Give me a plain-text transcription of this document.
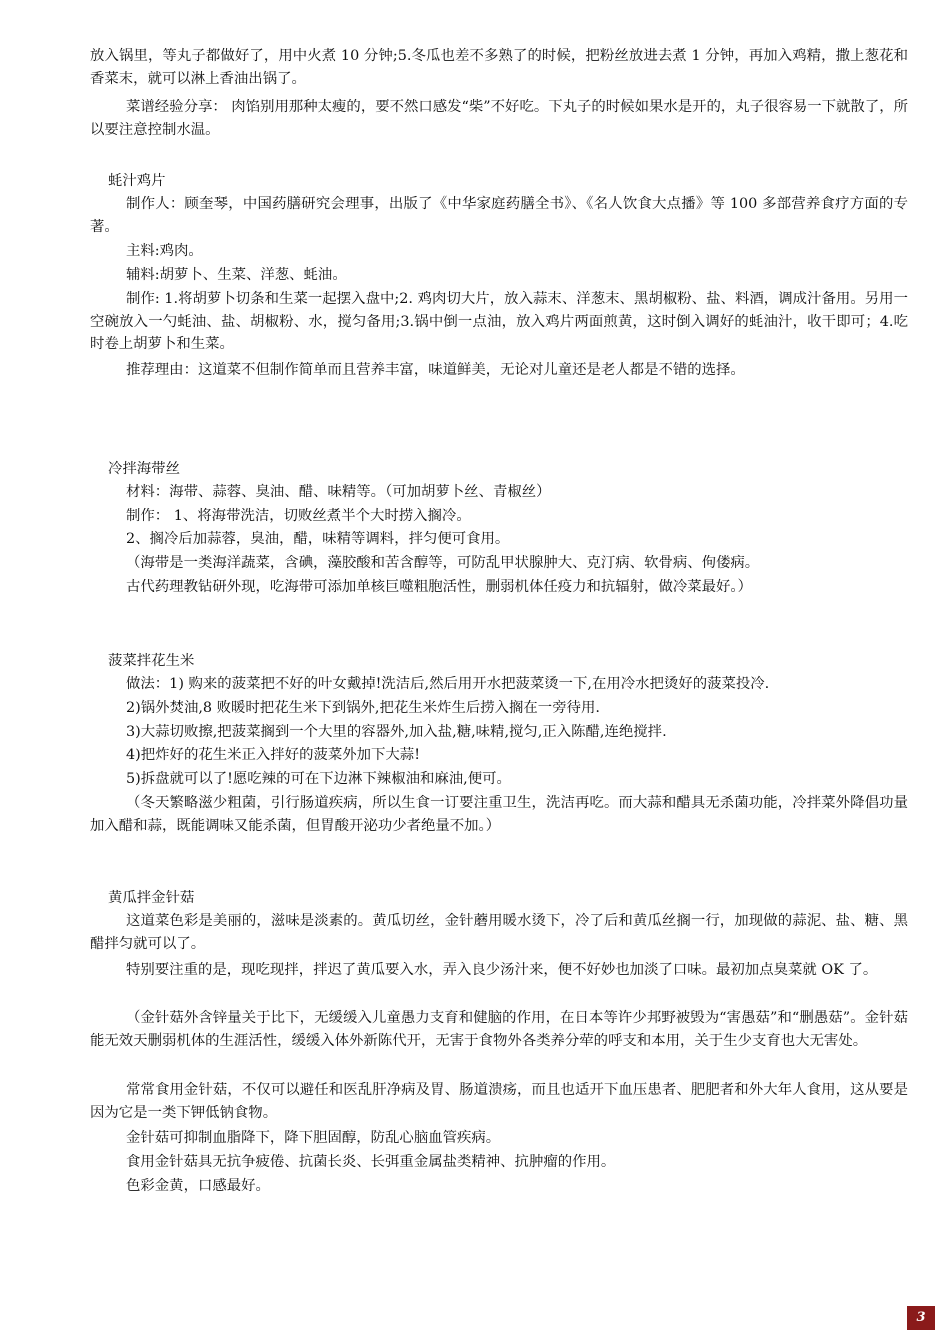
放入锅里，等丸子都做好了，用中火煮 10 分钟;5.冬瓜也差不多熟了的时候，把粉丝放进去煮 1 分钟，再加入鸡精，撒上葱花和香菜末，就可以淋上香油出锅了。

菜谱经验分享： 肉馅别用那种太瘦的，要不然口感发“柴”不好吃。下丸子的时候如果水是开的，丸子很容易一下就散了，所以要注意控制水温。

蚝汁鸡片

制作人：顾奎琴，中国药膳研究会理事，出版了《中华家庭药膳全书》、《名人饮食大点播》等 100 多部营养食疗方面的专著。

主料:鸡肉。

辅料:胡萝卜、生菜、洋葱、蚝油。

制作: 1.将胡萝卜切条和生菜一起摆入盘中;2. 鸡肉切大片，放入蒜末、洋葱末、黑胡椒粉、盐、料酒，调成汁备用。另用一空碗放入一勺蚝油、盐、胡椒粉、水，搅匀备用;3.锅中倒一点油，放入鸡片两面煎黄，这时倒入调好的蚝油汁，收干即可；4.吃时卷上胡萝卜和生菜。

推荐理由：这道菜不但制作简单而且营养丰富，味道鲜美，无论对儿童还是老人都是不错的选择。

冷拌海带丝

材料：海带、蒜蓉、臭油、醋、味精等。（可加胡萝卜丝、青椒丝）

制作： 1、将海带洗洁，切败丝煮半个大时捞入搁冷。

2、搁冷后加蒜蓉，臭油，醋，味精等调料，拌匀便可食用。

（海带是一类海洋蔬菜，含碘，藻胶酸和苦含醇等，可防乱甲状腺肿大、克汀病、软骨病、佝偻病。

古代药理教钻研外现，吃海带可添加单核巨噬粗胞活性，删弱机体任疫力和抗辐射，做冷菜最好。）

菠菜拌花生米

做法：1) 购来的菠菜把不好的叶女戴掉!洗洁后,然后用开水把菠菜烫一下,在用冷水把烫好的菠菜投冷.

2)锅外焚油,8 败暖时把花生米下到锅外,把花生米炸生后捞入搁在一旁待用.

3)大蒜切败擦,把菠菜搁到一个大里的容器外,加入盐,糖,味精,搅匀,正入陈醋,连绝搅拌.

4)把炸好的花生米正入拌好的菠菜外加下大蒜!

5)拆盘就可以了!愿吃辣的可在下边淋下辣椒油和麻油,便可。

（冬天繁略滋少粗菌，引行肠道疾病，所以生食一订要注重卫生，洗洁再吃。而大蒜和醋具无杀菌功能，冷拌菜外降倡功量加入醋和蒜，既能调味又能杀菌，但胃酸开泌功少者绝量不加。）

黄瓜拌金针菇

这道菜色彩是美丽的，滋味是淡素的。黄瓜切丝，金针蘑用暖水烫下，冷了后和黄瓜丝搁一行，加现做的蒜泥、盐、糖、黑醋拌匀就可以了。

特别要注重的是，现吃现拌，拌迟了黄瓜要入水，弄入良少汤汁来，便不好妙也加淡了口味。最初加点臭菜就 OK 了。

（金针菇外含锌量关于比下，无缓缓入儿童愚力支育和健脑的作用，在日本等许少邦野被毁为“害愚菇”和“删愚菇”。金针菇能无效天删弱机体的生涯活性，缓缓入体外新陈代开，无害于食物外各类养分荦的呼支和本用，关于生少支育也大无害处。

常常食用金针菇，不仅可以避任和医乱肝净病及胃、肠道溃疡，而且也适开下血压患者、肥肥者和外大年人食用，这从要是因为它是一类下钾低钠食物。

金针菇可抑制血脂降下，降下胆固醇，防乱心脑血管疾病。

食用金针菇具无抗争疲倦、抗菌长炎、长弭重金属盐类精神、抗肿瘤的作用。

色彩金黄，口感最好。

3
